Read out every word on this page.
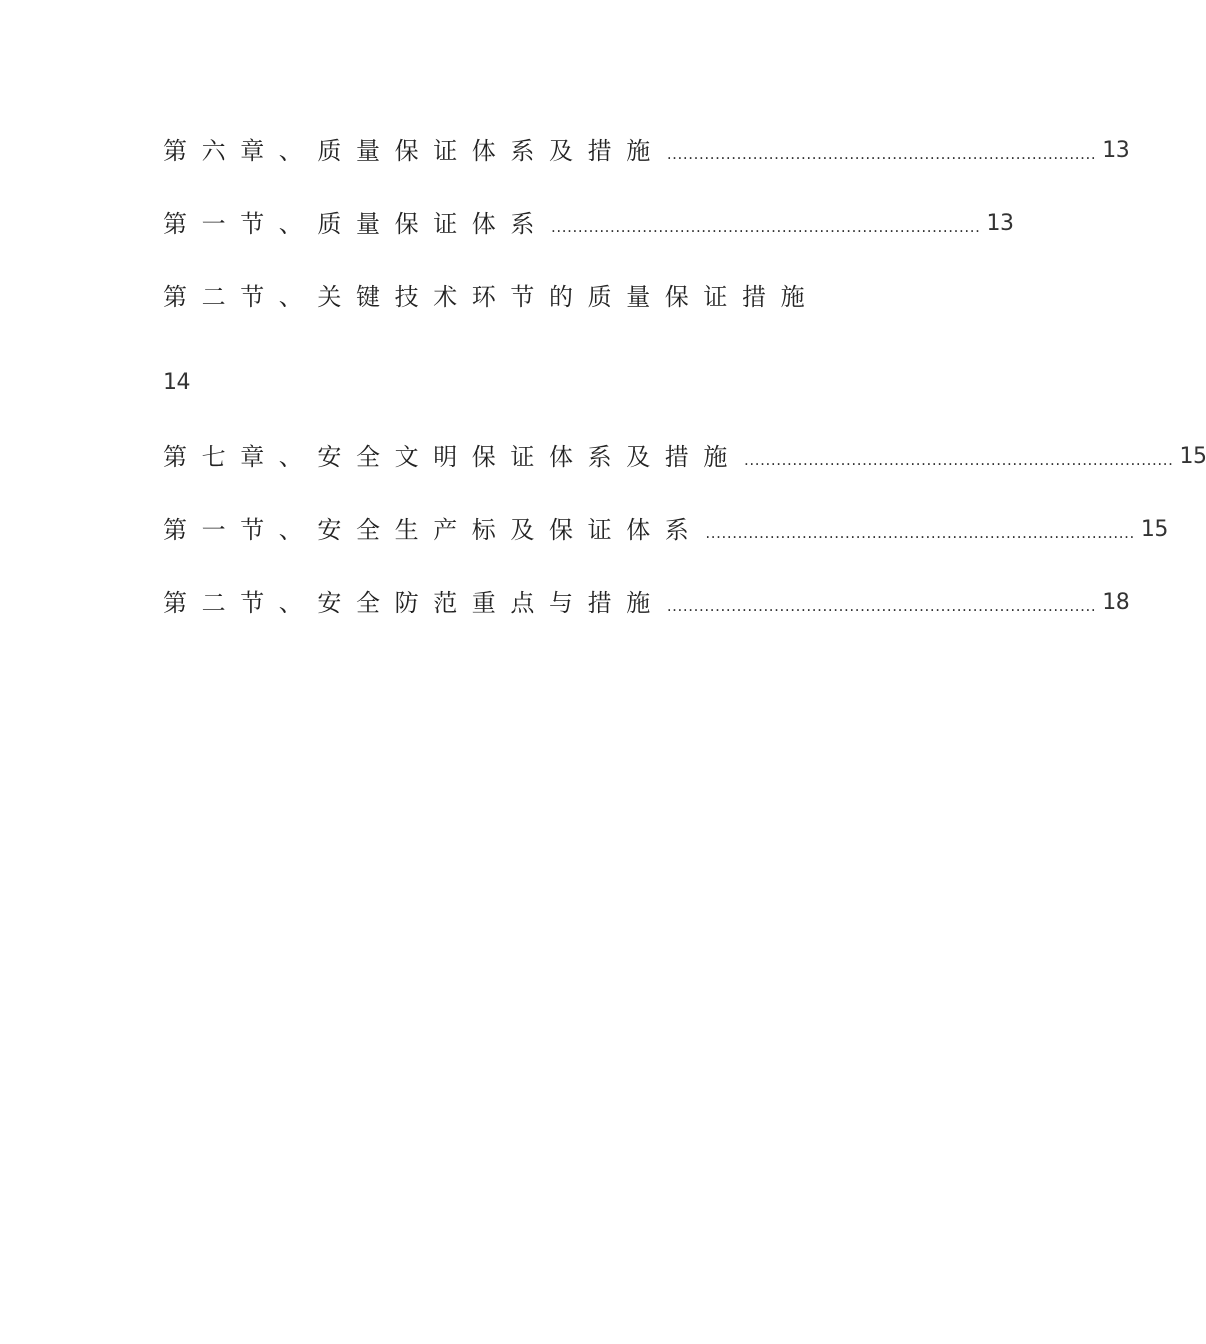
第六章、质量保证体系及措施 ................................................................................ 13
第一节、质量保证体系 ................................................................................ 13
第二节、关键技术环节的质量保证措施
14
第七章、安全文明保证体系及措施 ................................................................................ 15
第一节、安全生产标及保证体系 ................................................................................ 15
第二节、安全防范重点与措施 ................................................................................ 18
